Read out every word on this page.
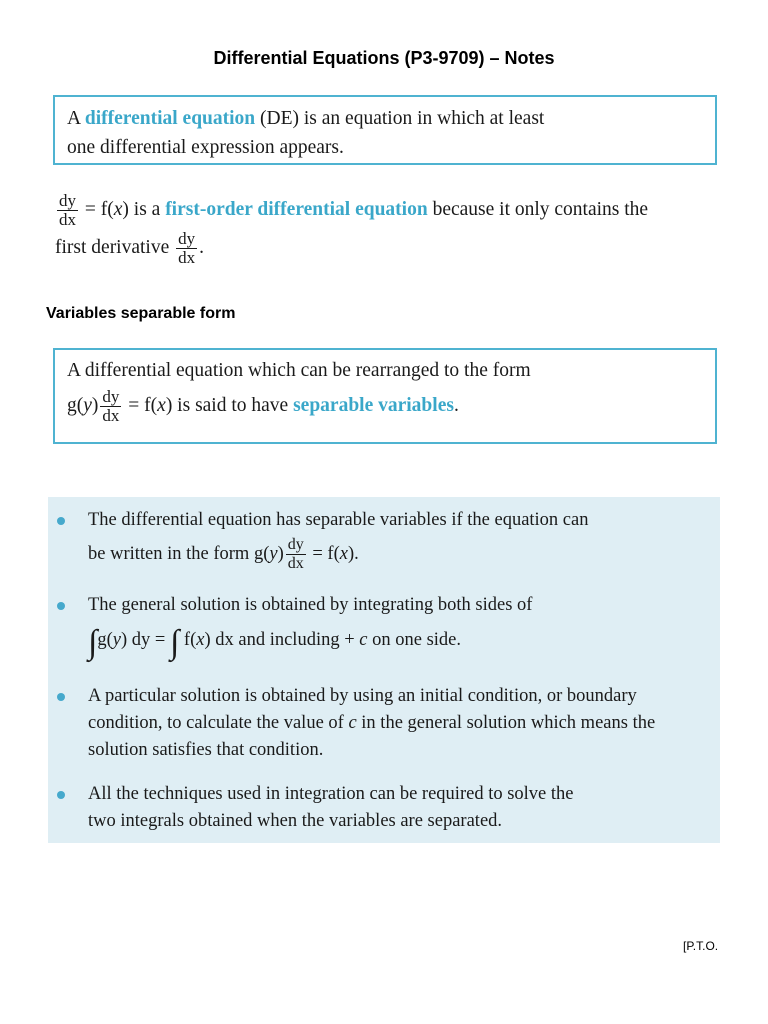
Differential Equations (P3-9709) – Notes
A differential equation (DE) is an equation in which at least
one differential expression appears.
$\frac{dy}{dx} = f(x)$ is a first-order differential equation because it only contains the
first derivative $\frac{dy}{dx}$ .
Variables separable form
A differential equation which can be rearranged to the form
$g(y) \frac{dy}{dx} = f(x)$ is said to have separable variables.
The differential equation has separable variables if the equation can
be written in the form $g(y) \frac{dy}{dx} = f(x)$.
The general solution is obtained by integrating both sides of
∫g(y) dy = ∫ f(x) dx and including + c on one side.
A particular solution is obtained by using an initial condition, or boundary
condition, to calculate the value of c in the general solution which means the
solution satisfies that condition.
All the techniques used in integration can be required to solve the
two integrals obtained when the variables are separated.
[P.T.O.
